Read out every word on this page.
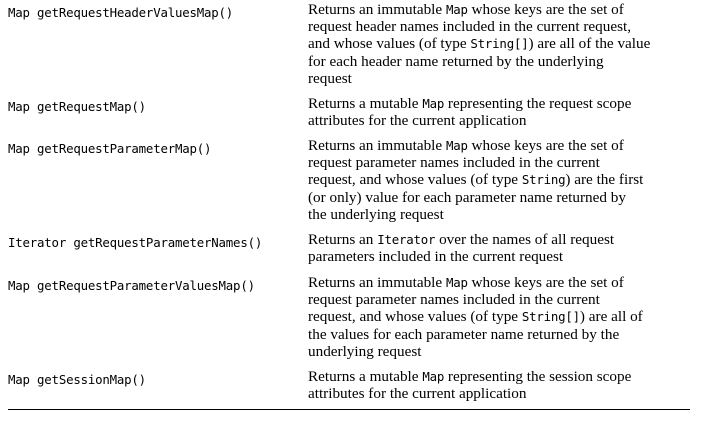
Map getRequestHeaderValuesMap()	Returns an immutable Map whose keys are the set of
request header names included in the current request,
and whose values (of type String[]) are all of the value
for each header name returned by the underlying
request
Map getRequestMap()	Returns a mutable Map representing the request scope
attributes for the current application
Map getRequestParameterMap()	Returns an immutable Map whose keys are the set of
request parameter names included in the current
request, and whose values (of type String) are the first
(or only) value for each parameter name returned by
the underlying request
Iterator getRequestParameterNames()	Returns an Iterator over the names of all request
parameters included in the current request
Map getRequestParameterValuesMap()	Returns an immutable Map whose keys are the set of
request parameter names included in the current
request, and whose values (of type String[]) are all of
the values for each parameter name returned by the
underlying request
Map getSessionMap()	Returns a mutable Map representing the session scope
attributes for the current application
